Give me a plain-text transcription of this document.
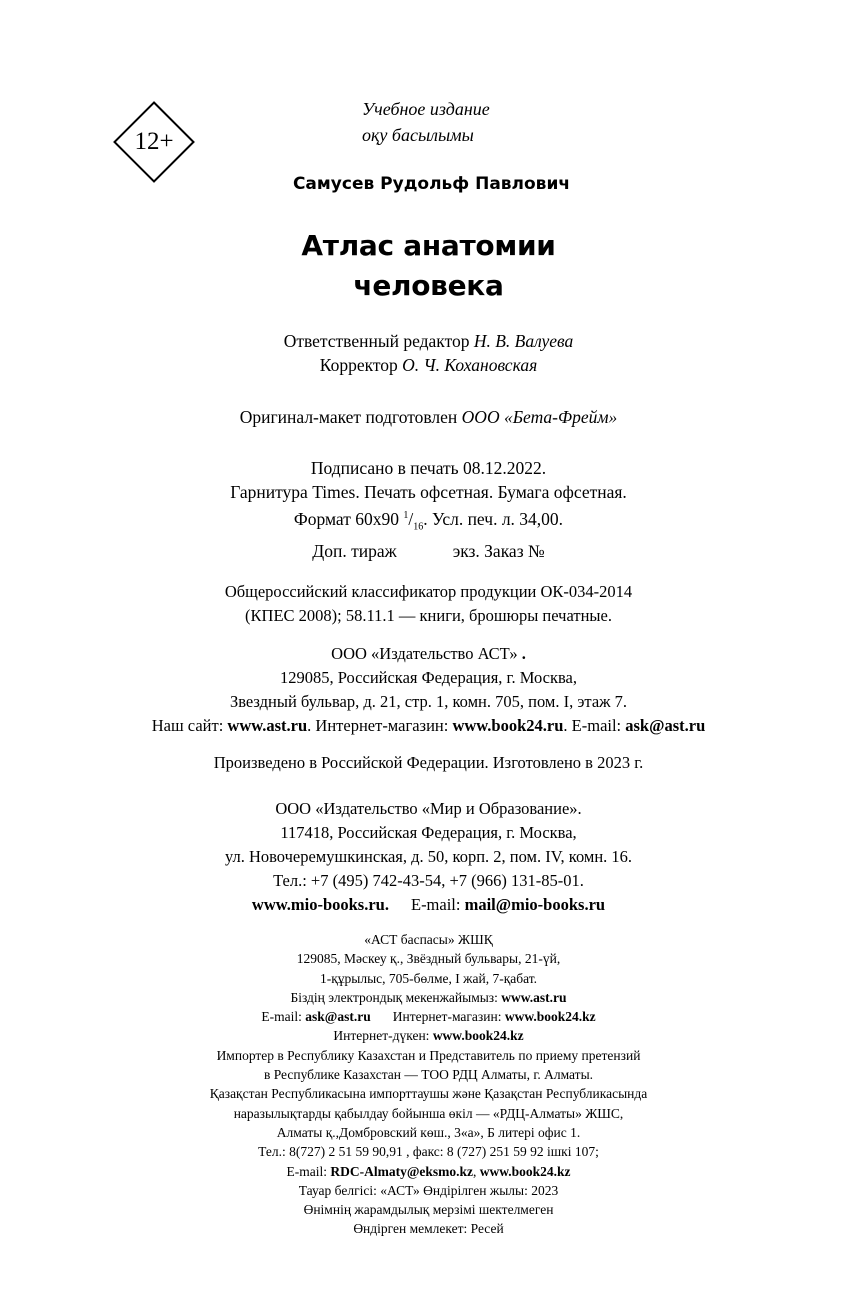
12+
Учебное издание
оқу басылымы
Самусев Рудольф Павлович
Атлас анатомии
человека
Ответственный редактор Н. В. Валуева
Корректор О. Ч. Кохановская
Оригинал-макет подготовлен ООО «Бета-Фрейм»
Подписано в печать 08.12.2022.
Гарнитура Times. Печать офсетная. Бумага офсетная.
Формат 60х90 $^1/_{16}$. Усл. печ. л. 34,00.
Доп. тираж	экз. Заказ №
Общероссийский классификатор продукции ОК-034-2014
(КПЕС 2008); 58.11.1 — книги, брошюры печатные.
ООО «Издательство АСТ» .
129085, Российская Федерация, г. Москва,
Звездный бульвар, д. 21, стр. 1, комн. 705, пом. I, этаж 7.
Наш сайт: www.ast.ru. Интернет-магазин: www.book24.ru. E-mail: ask@ast.ru
Произведено в Российской Федерации. Изготовлено в 2023 г.
ООО «Издательство «Мир и Образование».
117418, Российская Федерация, г. Москва,
ул. Новочеремушкинская, д. 50, корп. 2, пом. IV, комн. 16.
Тел.: +7 (495) 742-43-54, +7 (966) 131-85-01.
www.mio-books.ru. E-mail: mail@mio-books.ru
«АСТ баспасы» ЖШҚ
129085, Мәскеу қ., Звёздный бульвары, 21-үй,
1-құрылыс, 705-бөлме, I жай, 7-қабат.
Біздің электрондық мекенжайымыз: www.ast.ru
E-mail: ask@ast.ru Интернет-магазин: www.book24.kz
Интернет-дүкен: www.book24.kz
Импортер в Республику Казахстан и Представитель по приему претензий
в Республике Казахстан — ТОО РДЦ Алматы, г. Алматы.
Қазақстан Республикасына импорттаушы және Қазақстан Республикасында
наразылықтарды қабылдау бойынша өкіл — «РДЦ-Алматы» ЖШС,
Алматы қ.,Домбровский көш., 3«а», Б литері офис 1.
Тел.: 8(727) 2 51 59 90,91 , факс: 8 (727) 251 59 92 ішкі 107;
E-mail: RDC-Almaty@eksmo.kz, www.book24.kz
Тауар белгісі: «АСТ» Өндірілген жылы: 2023
Өнімнің жарамдылық мерзімі шектелмеген
Өндірген мемлекет: Ресей
